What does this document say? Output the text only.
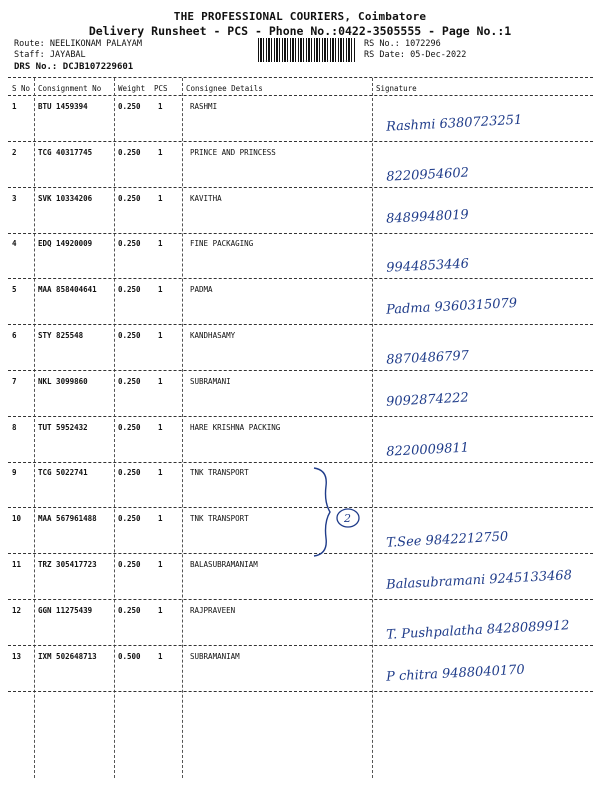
THE PROFESSIONAL COURIERS, Coimbatore
Delivery Runsheet - PCS - Phone No.:0422-3505555 - Page No.:1
Route: NEELIKONAM PALAYAM
Staff: JAYABAL
DRS No.: DCJB107229601
RS No.: 1072296
RS Date: 05-Dec-2022
S No Consignment No Weight PCS Consignee Details	Signature
1	BTU 1459394	0.250 1	RASHMI
Rashmi 6380723251
2	TCG 40317745	0.250 1	PRINCE AND PRINCESS
8220954602
3	SVK 10334206	0.250 1	KAVITHA
8489948019
4	EDQ 14920009	0.250 1	FINE PACKAGING
9944853446
5	MAA 858404641	0.250 1	PADMA
Padma 9360315079
6	STY 825548	0.250 1	KANDHASAMY
8870486797
7	NKL 3099860	0.250 1	SUBRAMANI
9092874222
8	TUT 5952432	0.250 1	HARE KRISHNA PACKING
8220009811
9	TCG 5022741	0.250 1	TNK TRANSPORT
10 MAA 567961488	0.250 1	TNK TRANSPORT
T.See 9842212750
11 TRZ 305417723	0.250 1	BALASUBRAMANIAM
Balasubramani 9245133468
12 GGN 11275439	0.250 1	RAJPRAVEEN
T. Pushpalatha 8428089912
13 IXM 502648713	0.500 1	SUBRAMANIAM
P chitra 9488040170
2
